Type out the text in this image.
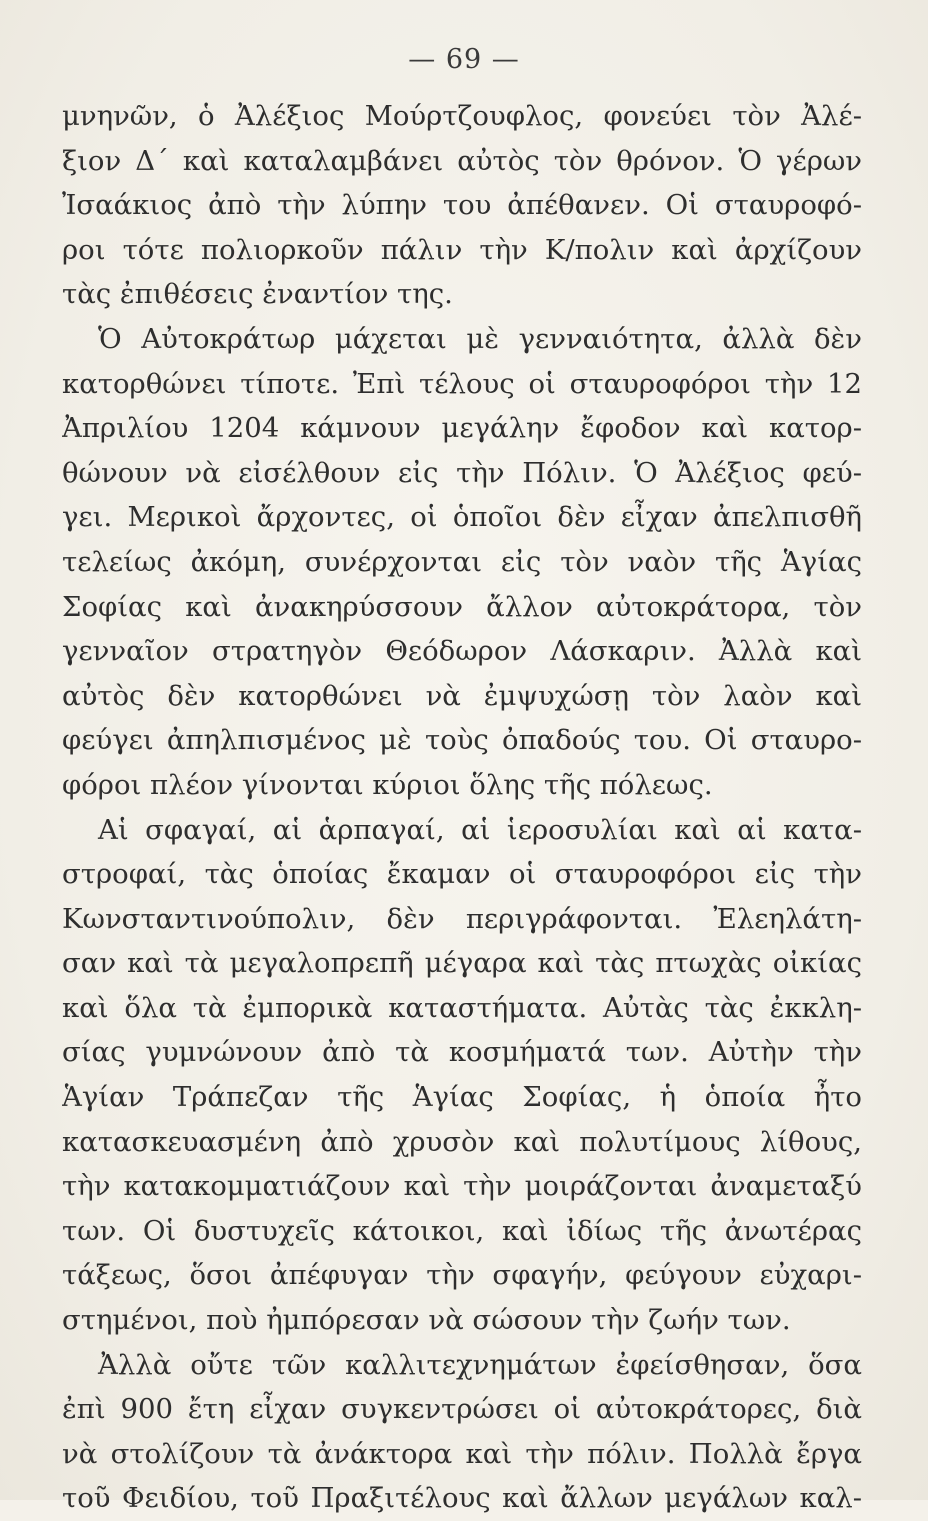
— 69 —
μνηνῶν, ὁ Ἀλέξιος Μούρτζουφλος, φονεύει τὸν Ἀλέ-
ξιον Δ΄ καὶ καταλαμβάνει αὐτὸς τὸν θρόνον. Ὁ γέρων
Ἰσαάκιος ἀπὸ τὴν λύπην του ἀπέθανεν. Οἱ σταυροφό-
ροι τότε πολιορκοῦν πάλιν τὴν Κ/πολιν καὶ ἀρχίζουν
τὰς ἐπιθέσεις ἐναντίον της.
Ὁ Αὐτοκράτωρ μάχεται μὲ γενναιότητα, ἀλλὰ δὲν
κατορθώνει τίποτε. Ἐπὶ τέλους οἱ σταυροφόροι τὴν 12
Ἀπριλίου 1204 κάμνουν μεγάλην ἔφοδον καὶ κατορ-
θώνουν νὰ εἰσέλθουν εἰς τὴν Πόλιν. Ὁ Ἀλέξιος φεύ-
γει. Μερικοὶ ἄρχοντες, οἱ ὁποῖοι δὲν εἶχαν ἀπελπισθῆ
τελείως ἀκόμη, συνέρχονται εἰς τὸν ναὸν τῆς Ἁγίας
Σοφίας καὶ ἀνακηρύσσουν ἄλλον αὐτοκράτορα, τὸν
γενναῖον στρατηγὸν Θεόδωρον Λάσκαριν. Ἀλλὰ καὶ
αὐτὸς δὲν κατορθώνει νὰ ἐμψυχώσῃ τὸν λαὸν καὶ
φεύγει ἀπηλπισμένος μὲ τοὺς ὀπαδούς του. Οἱ σταυρο-
φόροι πλέον γίνονται κύριοι ὅλης τῆς πόλεως.
Αἱ σφαγαί, αἱ ἁρπαγαί, αἱ ἱεροσυλίαι καὶ αἱ κατα-
στροφαί, τὰς ὁποίας ἔκαμαν οἱ σταυροφόροι εἰς τὴν
Κωνσταντινούπολιν, δὲν περιγράφονται. Ἐλεηλάτη-
σαν καὶ τὰ μεγαλοπρεπῆ μέγαρα καὶ τὰς πτωχὰς οἰκίας
καὶ ὅλα τὰ ἐμπορικὰ καταστήματα. Αὐτὰς τὰς ἐκκλη-
σίας γυμνώνουν ἀπὸ τὰ κοσμήματά των. Αὐτὴν τὴν
Ἁγίαν Τράπεζαν τῆς Ἁγίας Σοφίας, ἡ ὁποία ἦτο
κατασκευασμένη ἀπὸ χρυσὸν καὶ πολυτίμους λίθους,
τὴν κατακομματιάζουν καὶ τὴν μοιράζονται ἀναμεταξύ
των. Οἱ δυστυχεῖς κάτοικοι, καὶ ἰδίως τῆς ἀνωτέρας
τάξεως, ὅσοι ἀπέφυγαν τὴν σφαγήν, φεύγουν εὐχαρι-
στημένοι, ποὺ ἠμπόρεσαν νὰ σώσουν τὴν ζωήν των.
Ἀλλὰ οὔτε τῶν καλλιτεχνημάτων ἐφείσθησαν, ὅσα
ἐπὶ 900 ἔτη εἶχαν συγκεντρώσει οἱ αὐτοκράτορες, διὰ
νὰ στολίζουν τὰ ἀνάκτορα καὶ τὴν πόλιν. Πολλὰ ἔργα
τοῦ Φειδίου, τοῦ Πραξιτέλους καὶ ἄλλων μεγάλων καλ-
